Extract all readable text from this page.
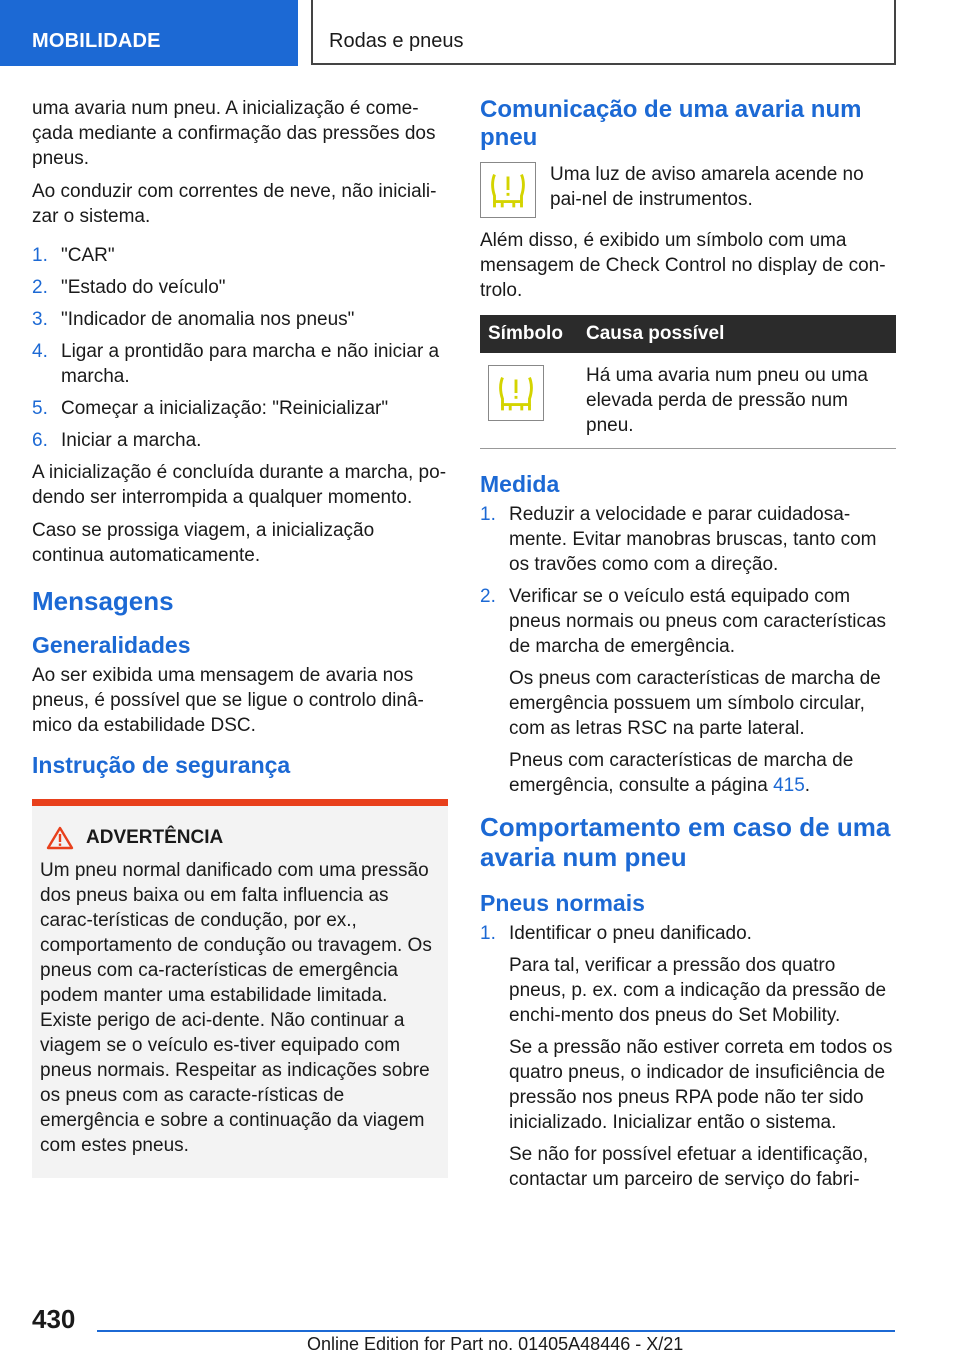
MOBILIDADE	Rodas e pneus

uma avaria num pneu. A inicialização é come-çada mediante a confirmação das pressões dos pneus.

Ao conduzir com correntes de neve, não iniciali-zar o sistema.

1. "CAR"
2. "Estado do veículo"
3. "Indicador de anomalia nos pneus"
4. Ligar a prontidão para marcha e não iniciar a marcha.
5. Começar a inicialização: "Reinicializar"
6. Iniciar a marcha.

A inicialização é concluída durante a marcha, po-dendo ser interrompida a qualquer momento.

Caso se prossiga viagem, a inicialização continua automaticamente.

Mensagens
Generalidades

Ao ser exibida uma mensagem de avaria nos pneus, é possível que se ligue o controlo dinâ-mico da estabilidade DSC.

Instrução de segurança
ADVERTÊNCIA

Um pneu normal danificado com uma pressão dos pneus baixa ou em falta influencia as carac-terísticas de condução, por ex., comportamento de condução ou travagem. Os pneus com ca-racterísticas de emergência podem manter uma estabilidade limitada. Existe perigo de aci-dente. Não continuar a viagem se o veículo es-tiver equipado com pneus normais. Respeitar as indicações sobre os pneus com as caracte-rísticas de emergência e sobre a continuação da viagem com estes pneus.

Comunicação de uma avaria num pneu

Uma luz de aviso amarela acende no pai-nel de instrumentos.

Além disso, é exibido um símbolo com uma mensagem de Check Control no display de con-trolo.

Símbolo	Causa possível

	Há uma avaria num pneu ou uma elevada perda de pressão num pneu.
Medida
1. Reduzir a velocidade e parar cuidadosa-mente. Evitar manobras bruscas, tanto com os travões como com a direção.
2. Verificar se o veículo está equipado com pneus normais ou pneus com características de marcha de emergência.
Os pneus com características de marcha de emergência possuem um símbolo circular, com as letras RSC na parte lateral.
Pneus com características de marcha de emergência, consulte a página 415.
Comportamento em caso de uma avaria num pneu
Pneus normais
1. Identificar o pneu danificado.
Para tal, verificar a pressão dos quatro pneus, p. ex. com a indicação da pressão de enchi-mento dos pneus do Set Mobility.
Se a pressão não estiver correta em todos os quatro pneus, o indicador de insuficiência de pressão nos pneus RPA pode não ter sido inicializado. Inicializar então o sistema.
Se não for possível efetuar a identificação, contactar um parceiro de serviço do fabri-
430
Online Edition for Part no. 01405A48446 - X/21
